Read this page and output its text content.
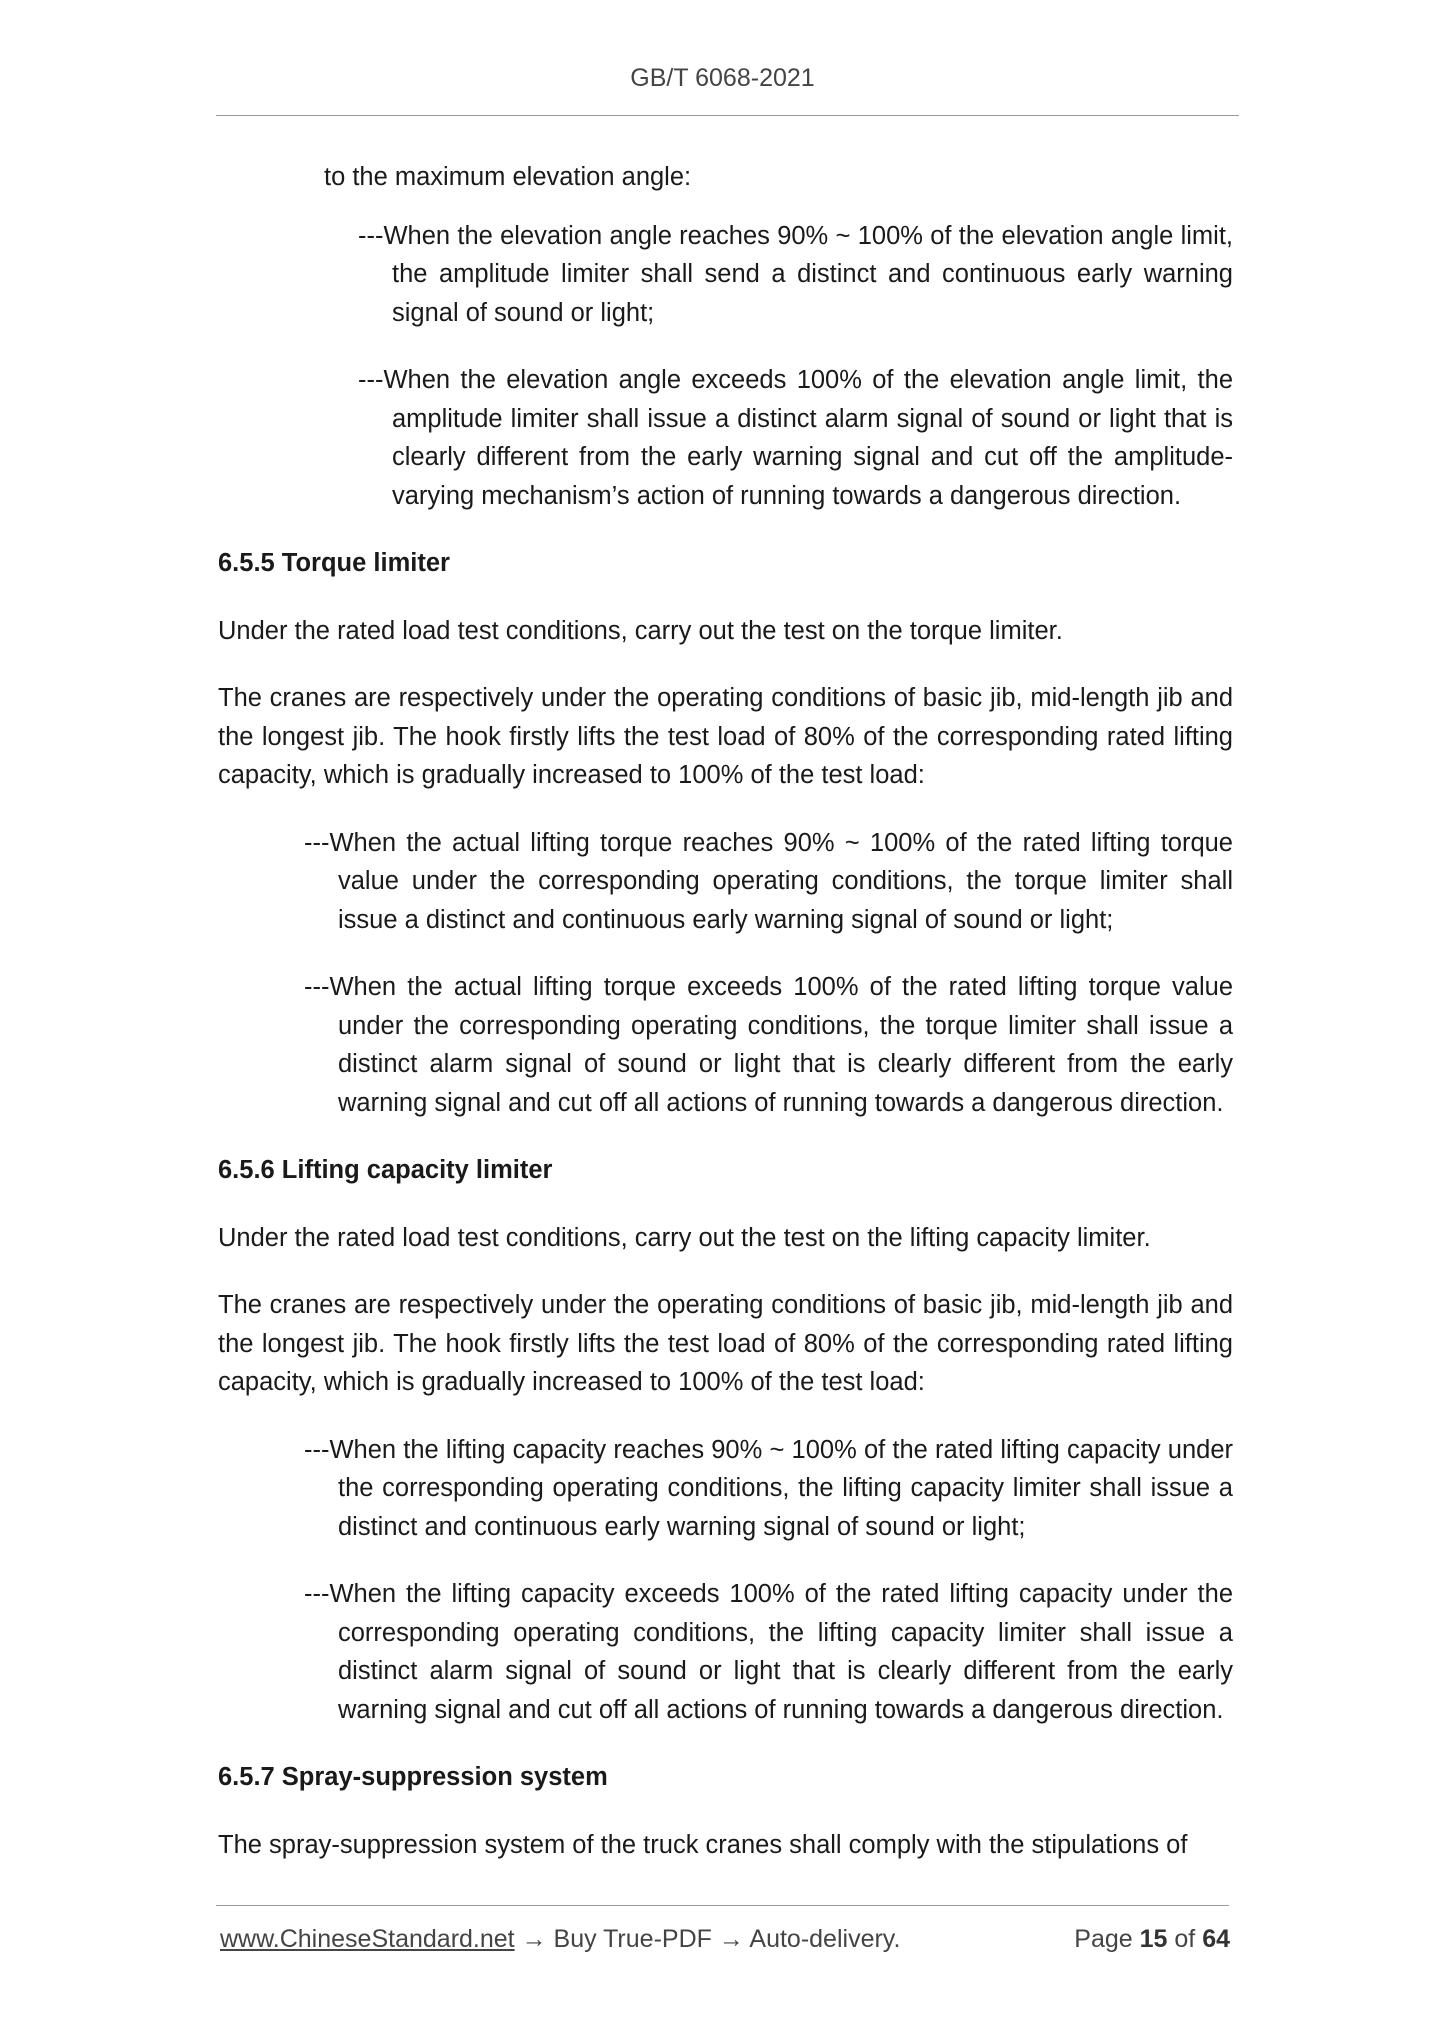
GB/T 6068-2021

to the maximum elevation angle:

---When the elevation angle reaches 90% ~ 100% of the elevation angle limit, the amplitude limiter shall send a distinct and continuous early warning signal of sound or light;

---When the elevation angle exceeds 100% of the elevation angle limit, the amplitude limiter shall issue a distinct alarm signal of sound or light that is clearly different from the early warning signal and cut off the amplitude-varying mechanism’s action of running towards a dangerous direction.

6.5.5 Torque limiter

Under the rated load test conditions, carry out the test on the torque limiter.

The cranes are respectively under the operating conditions of basic jib, mid-length jib and the longest jib. The hook firstly lifts the test load of 80% of the corresponding rated lifting capacity, which is gradually increased to 100% of the test load:

---When the actual lifting torque reaches 90% ~ 100% of the rated lifting torque value under the corresponding operating conditions, the torque limiter shall issue a distinct and continuous early warning signal of sound or light;

---When the actual lifting torque exceeds 100% of the rated lifting torque value under the corresponding operating conditions, the torque limiter shall issue a distinct alarm signal of sound or light that is clearly different from the early warning signal and cut off all actions of running towards a dangerous direction.

6.5.6 Lifting capacity limiter

Under the rated load test conditions, carry out the test on the lifting capacity limiter.

The cranes are respectively under the operating conditions of basic jib, mid-length jib and the longest jib. The hook firstly lifts the test load of 80% of the corresponding rated lifting capacity, which is gradually increased to 100% of the test load:

---When the lifting capacity reaches 90% ~ 100% of the rated lifting capacity under the corresponding operating conditions, the lifting capacity limiter shall issue a distinct and continuous early warning signal of sound or light;

---When the lifting capacity exceeds 100% of the rated lifting capacity under the corresponding operating conditions, the lifting capacity limiter shall issue a distinct alarm signal of sound or light that is clearly different from the early warning signal and cut off all actions of running towards a dangerous direction.

6.5.7 Spray-suppression system

The spray-suppression system of the truck cranes shall comply with the stipulations of

www.ChineseStandard.net → Buy True-PDF → Auto-delivery.	Page 15 of 64
